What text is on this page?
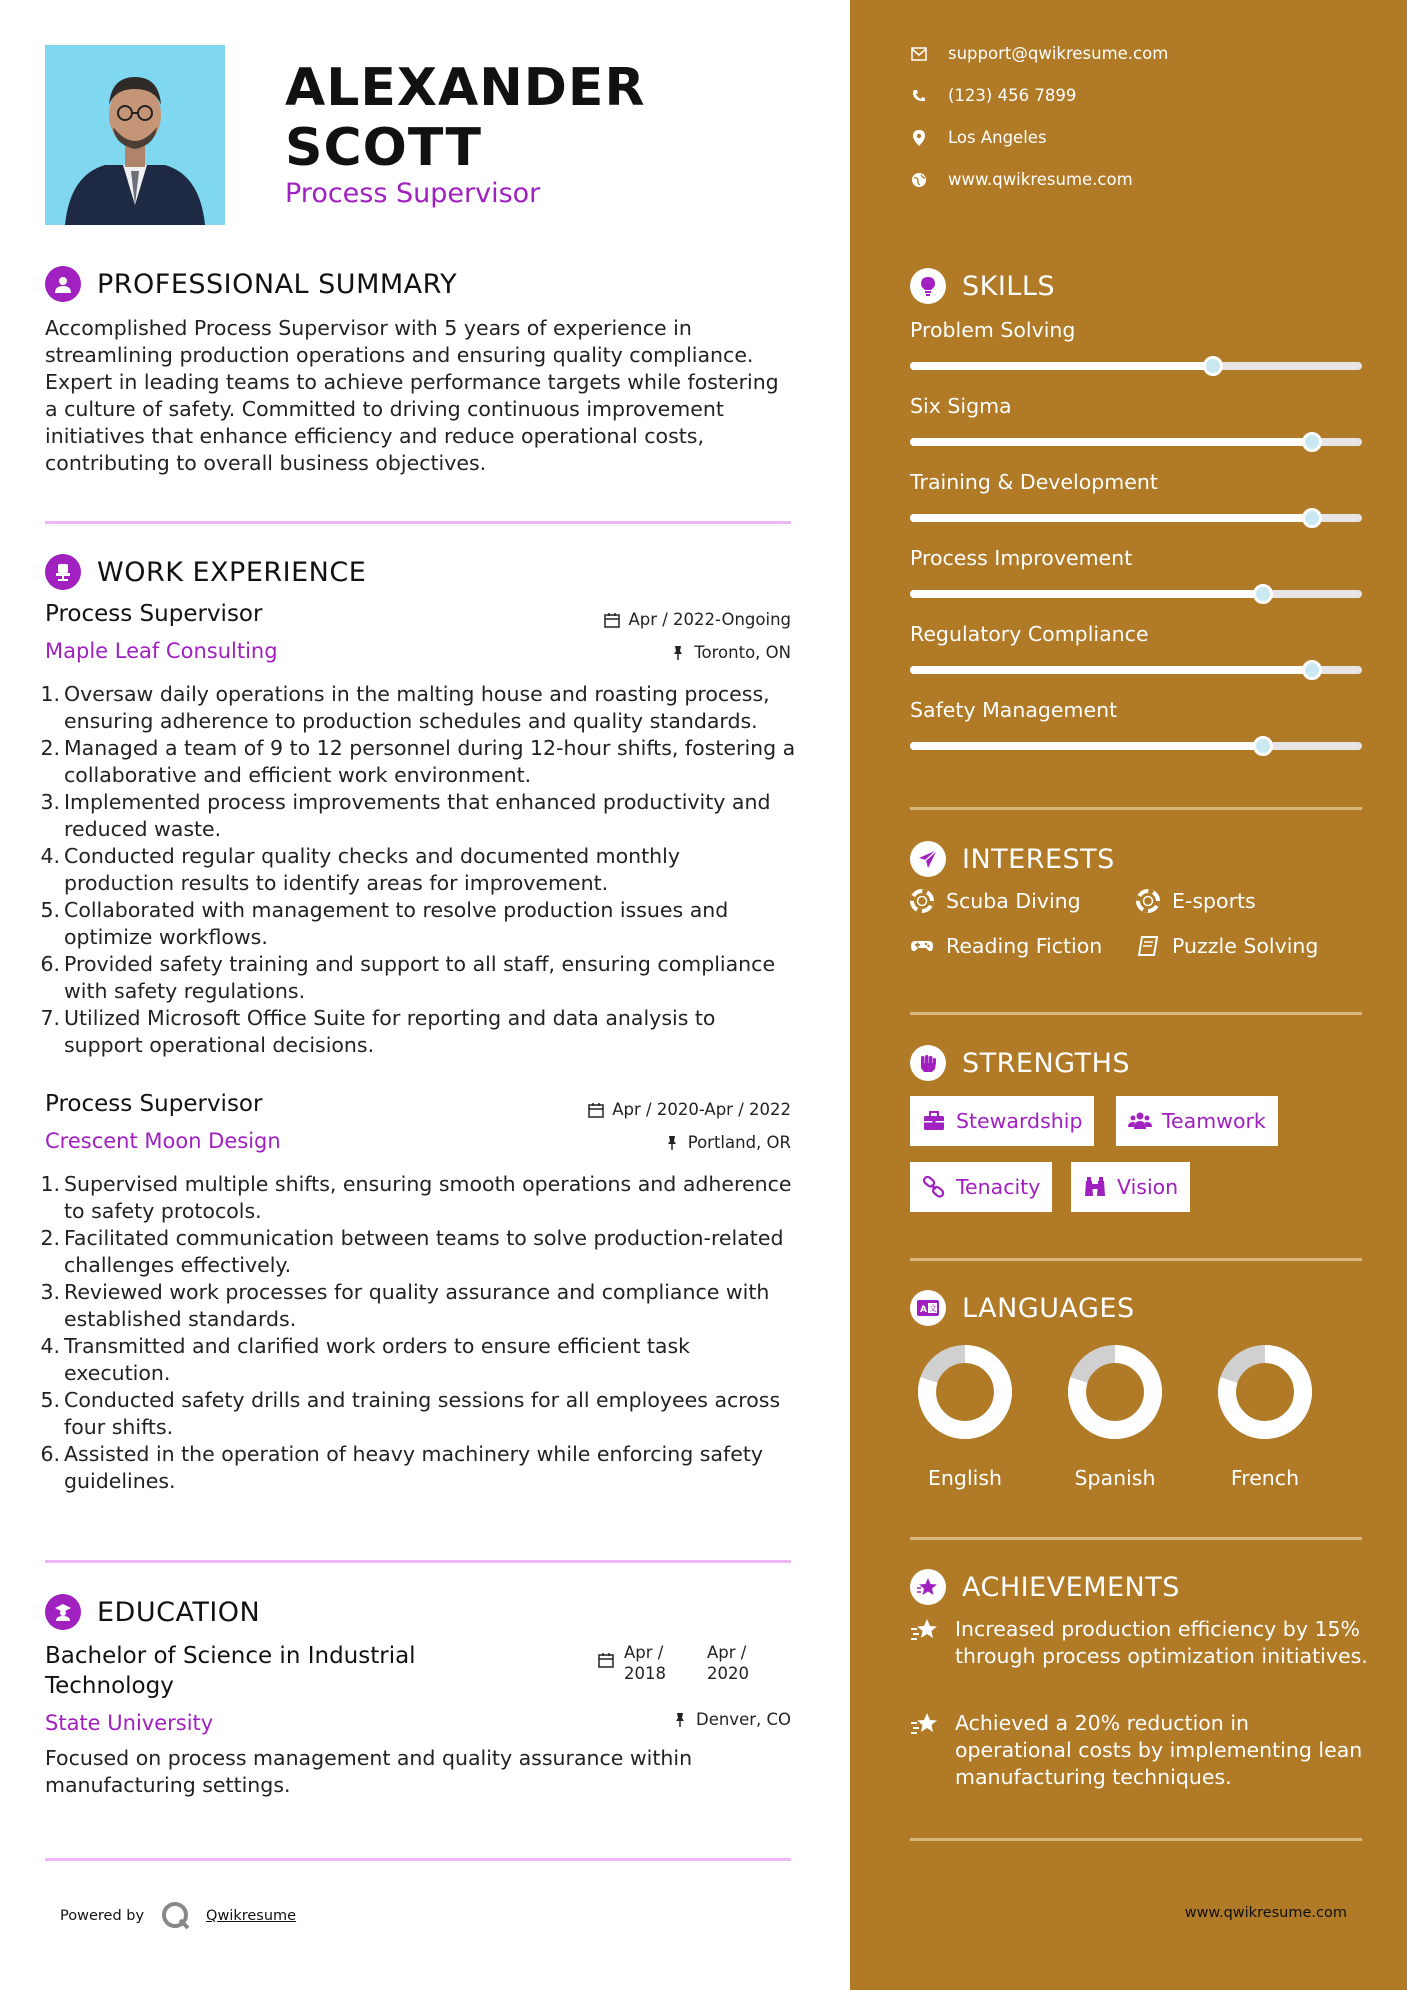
ALEXANDER SCOTT
Process Supervisor
PROFESSIONAL SUMMARY
Accomplished Process Supervisor with 5 years of experience in streamlining production operations and ensuring quality compliance. Expert in leading teams to achieve performance targets while fostering a culture of safety. Committed to driving continuous improvement initiatives that enhance efficiency and reduce operational costs, contributing to overall business objectives.
WORK EXPERIENCE
Process Supervisor	Apr / 2022-Ongoing
Maple Leaf Consulting	Toronto, ON
1. Oversaw daily operations in the malting house and roasting process, ensuring adherence to production schedules and quality standards.
2. Managed a team of 9 to 12 personnel during 12-hour shifts, fostering a collaborative and efficient work environment.
3. Implemented process improvements that enhanced productivity and reduced waste.
4. Conducted regular quality checks and documented monthly production results to identify areas for improvement.
5. Collaborated with management to resolve production issues and optimize workflows.
6. Provided safety training and support to all staff, ensuring compliance with safety regulations.
7. Utilized Microsoft Office Suite for reporting and data analysis to support operational decisions.
Process Supervisor	Apr / 2020-Apr / 2022
Crescent Moon Design	Portland, OR
1. Supervised multiple shifts, ensuring smooth operations and adherence to safety protocols.
2. Facilitated communication between teams to solve production-related challenges effectively.
3. Reviewed work processes for quality assurance and compliance with established standards.
4. Transmitted and clarified work orders to ensure efficient task execution.
5. Conducted safety drills and training sessions for all employees across four shifts.
6. Assisted in the operation of heavy machinery while enforcing safety guidelines.
EDUCATION
Bachelor of Science in Industrial Technology
Apr / 2018
Apr / 2020
State University	Denver, CO
Focused on process management and quality assurance within manufacturing settings.
Powered by	Qwikresume
support@qwikresume.com
(123) 456 7899
Los Angeles
www.qwikresume.com
SKILLS
Problem Solving
Six Sigma
Training & Development
Process Improvement
Regulatory Compliance
Safety Management
INTERESTS
Scuba Diving	E-sports
Reading Fiction	Puzzle Solving
STRENGTHS
Stewardship	Teamwork
Tenacity	Vision
A 文 LANGUAGES
English	Spanish	French
ACHIEVEMENTS
Increased production efficiency by 15% through process optimization initiatives.
Achieved a 20% reduction in operational costs by implementing lean manufacturing techniques.
www.qwikresume.com
